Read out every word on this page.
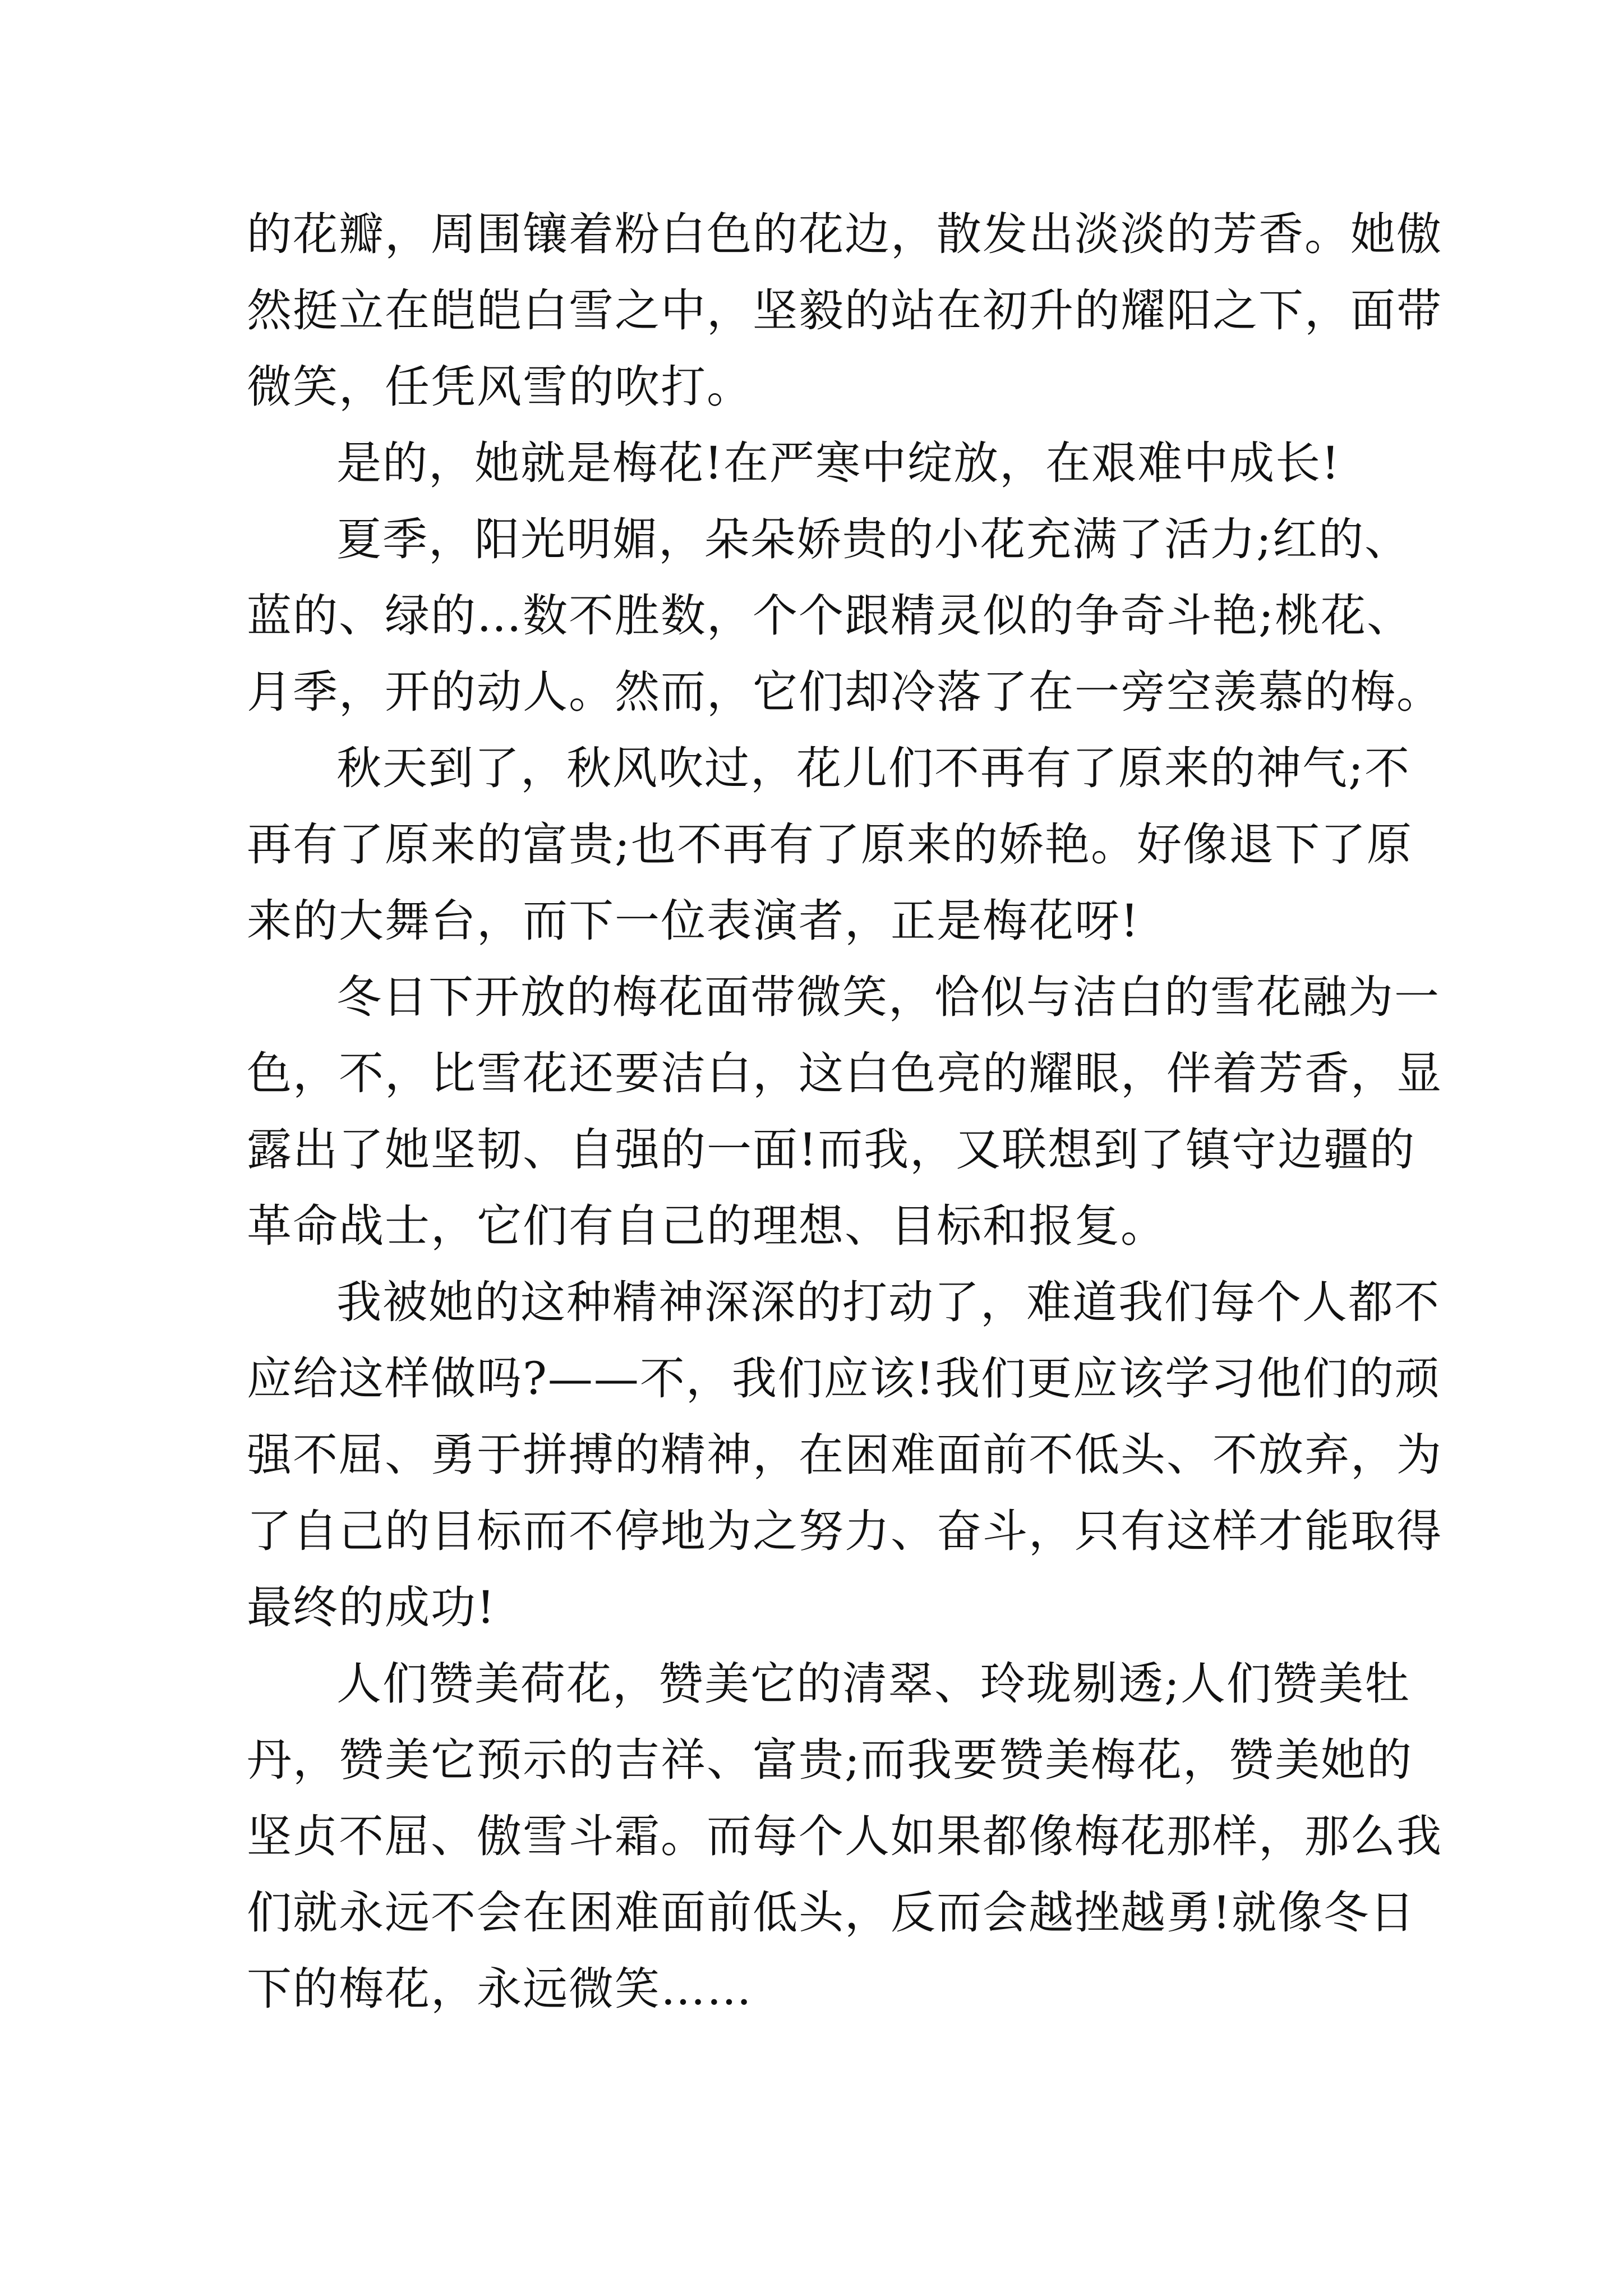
的花瓣，周围镶着粉白色的花边，散发出淡淡的芳香。她傲
然挺立在皑皑白雪之中，坚毅的站在初升的耀阳之下，面带
微笑，任凭风雪的吹打。
是的，她就是梅花!在严寒中绽放，在艰难中成长!
夏季，阳光明媚，朵朵娇贵的小花充满了活力;红的、
蓝的、绿的…数不胜数，个个跟精灵似的争奇斗艳;桃花、
月季，开的动人。然而，它们却冷落了在一旁空羡慕的梅。
秋天到了，秋风吹过，花儿们不再有了原来的神气;不
再有了原来的富贵;也不再有了原来的娇艳。好像退下了原
来的大舞台，而下一位表演者，正是梅花呀!
冬日下开放的梅花面带微笑，恰似与洁白的雪花融为一
色，不，比雪花还要洁白，这白色亮的耀眼，伴着芳香，显
露出了她坚韧、自强的一面!而我，又联想到了镇守边疆的
革命战士，它们有自己的理想、目标和报复。
我被她的这种精神深深的打动了，难道我们每个人都不
应给这样做吗?——不，我们应该!我们更应该学习他们的顽
强不屈、勇于拼搏的精神，在困难面前不低头、不放弃，为
了自己的目标而不停地为之努力、奋斗，只有这样才能取得
最终的成功!
人们赞美荷花，赞美它的清翠、玲珑剔透;人们赞美牡
丹，赞美它预示的吉祥、富贵;而我要赞美梅花，赞美她的
坚贞不屈、傲雪斗霜。而每个人如果都像梅花那样，那么我
们就永远不会在困难面前低头，反而会越挫越勇!就像冬日
下的梅花，永远微笑……
